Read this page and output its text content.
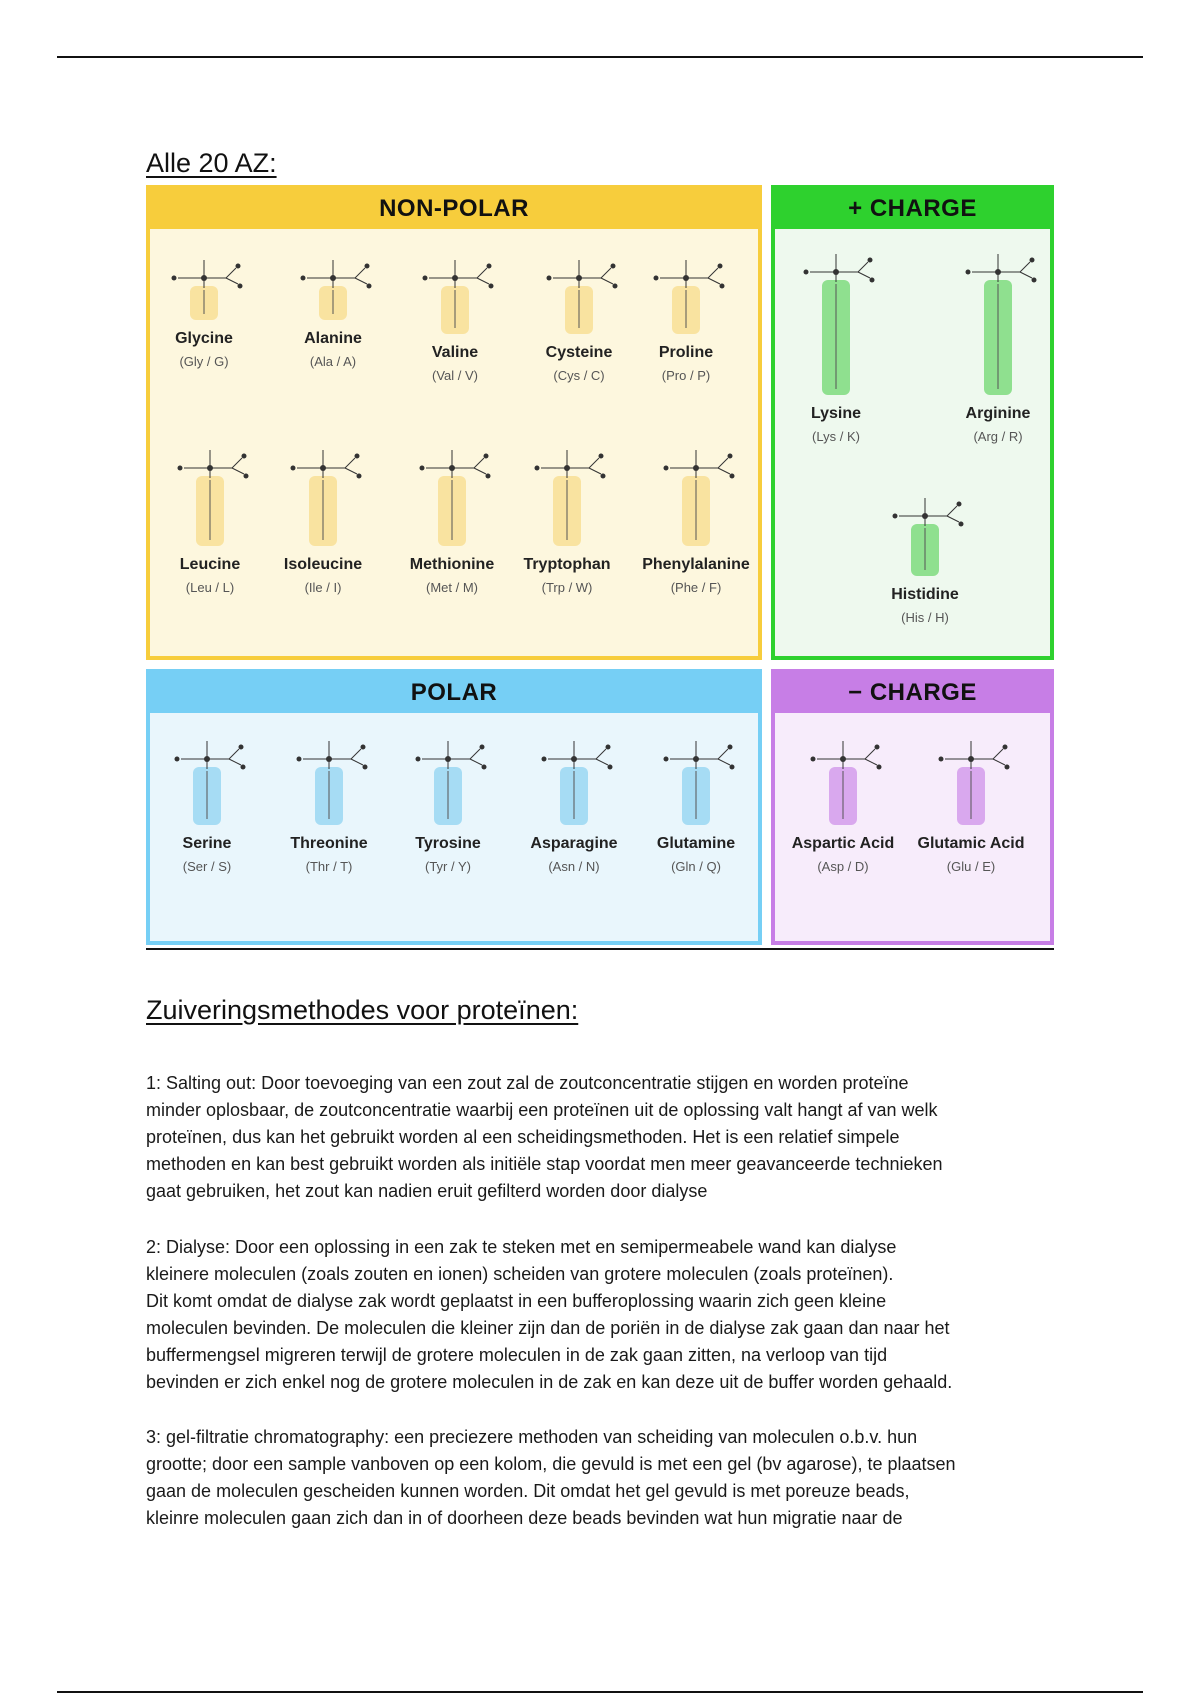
Alle 20 AZ:
NON-POLAR	+ CHARGE
POLAR	− CHARGE
Glycine
(Gly / G)
Alanine
(Ala / A)
Valine
(Val / V)
Cysteine
(Cys / C)
Proline
(Pro / P)
Leucine
(Leu / L)
Isoleucine
(Ile / I)
Methionine
(Met / M)
Tryptophan
(Trp / W)
Phenylalanine
(Phe / F)
Lysine
(Lys / K)
Arginine
(Arg / R)
Histidine
(His / H)
Serine
(Ser / S)
Threonine
(Thr / T)
Tyrosine
(Tyr / Y)
Asparagine
(Asn / N)
Glutamine
(Gln / Q)
Aspartic Acid
(Asp / D)
Glutamic Acid
(Glu / E)
Zuiveringsmethodes voor proteïnen:
1: Salting out: Door toevoeging van een zout zal de zoutconcentratie stijgen en worden proteïne
minder oplosbaar, de zoutconcentratie waarbij een proteïnen uit de oplossing valt hangt af van welk
proteïnen, dus kan het gebruikt worden al een scheidingsmethoden. Het is een relatief simpele
methoden en kan best gebruikt worden als initiële stap voordat men meer geavanceerde technieken
gaat gebruiken, het zout kan nadien eruit gefilterd worden door dialyse
2: Dialyse: Door een oplossing in een zak te steken met en semipermeabele wand kan dialyse
kleinere moleculen (zoals zouten en ionen) scheiden van grotere moleculen (zoals proteïnen).
Dit komt omdat de dialyse zak wordt geplaatst in een bufferoplossing waarin zich geen kleine
moleculen bevinden. De moleculen die kleiner zijn dan de poriën in de dialyse zak gaan dan naar het
buffermengsel migreren terwijl de grotere moleculen in de zak gaan zitten, na verloop van tijd
bevinden er zich enkel nog de grotere moleculen in de zak en kan deze uit de buffer worden gehaald.
3: gel-filtratie chromatography: een preciezere methoden van scheiding van moleculen o.b.v. hun
grootte; door een sample vanboven op een kolom, die gevuld is met een gel (bv agarose), te plaatsen
gaan de moleculen gescheiden kunnen worden. Dit omdat het gel gevuld is met poreuze beads,
kleinre moleculen gaan zich dan in of doorheen deze beads bevinden wat hun migratie naar de
